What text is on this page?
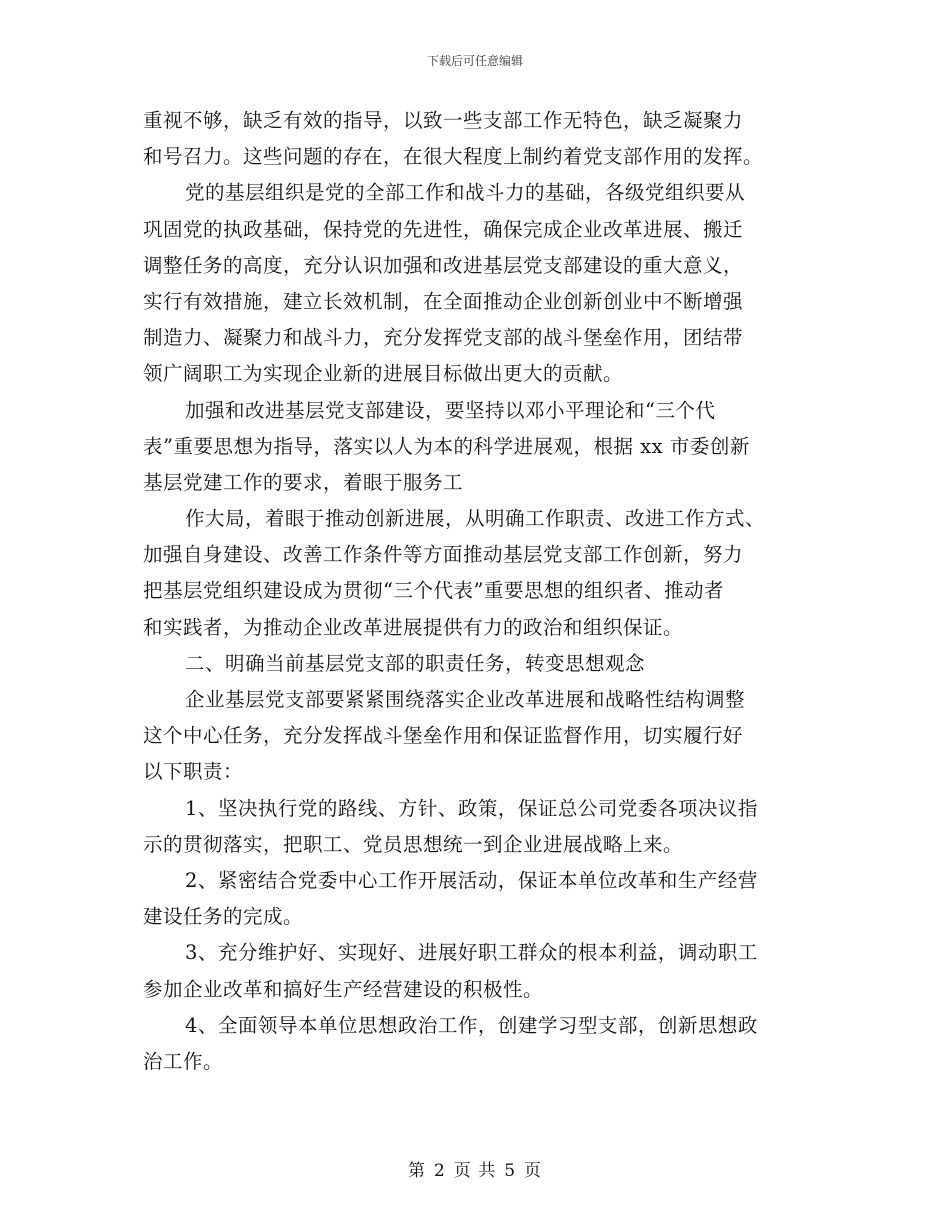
下载后可任意编辑

重视不够，缺乏有效的指导，以致一些支部工作无特色，缺乏凝聚力

和号召力。这些问题的存在，在很大程度上制约着党支部作用的发挥。

党的基层组织是党的全部工作和战斗力的基础，各级党组织要从

巩固党的执政基础，保持党的先进性，确保完成企业改革进展、搬迁

调整任务的高度，充分认识加强和改进基层党支部建设的重大意义，

实行有效措施，建立长效机制，在全面推动企业创新创业中不断增强

制造力、凝聚力和战斗力，充分发挥党支部的战斗堡垒作用，团结带

领广阔职工为实现企业新的进展目标做出更大的贡献。

加强和改进基层党支部建设，要坚持以邓小平理论和“三个代

表”重要思想为指导，落实以人为本的科学进展观，根据 xx 市委创新

基层党建工作的要求，着眼于服务工

作大局，着眼于推动创新进展，从明确工作职责、改进工作方式、

加强自身建设、改善工作条件等方面推动基层党支部工作创新，努力

把基层党组织建设成为贯彻“三个代表”重要思想的组织者、推动者

和实践者，为推动企业改革进展提供有力的政治和组织保证。

二、明确当前基层党支部的职责任务，转变思想观念

企业基层党支部要紧紧围绕落实企业改革进展和战略性结构调整

这个中心任务，充分发挥战斗堡垒作用和保证监督作用，切实履行好

以下职责：

1、坚决执行党的路线、方针、政策，保证总公司党委各项决议指

示的贯彻落实，把职工、党员思想统一到企业进展战略上来。

2、紧密结合党委中心工作开展活动，保证本单位改革和生产经营

建设任务的完成。

3、充分维护好、实现好、进展好职工群众的根本利益，调动职工

参加企业改革和搞好生产经营建设的积极性。

4、全面领导本单位思想政治工作，创建学习型支部，创新思想政

治工作。

第 2 页 共 5 页
